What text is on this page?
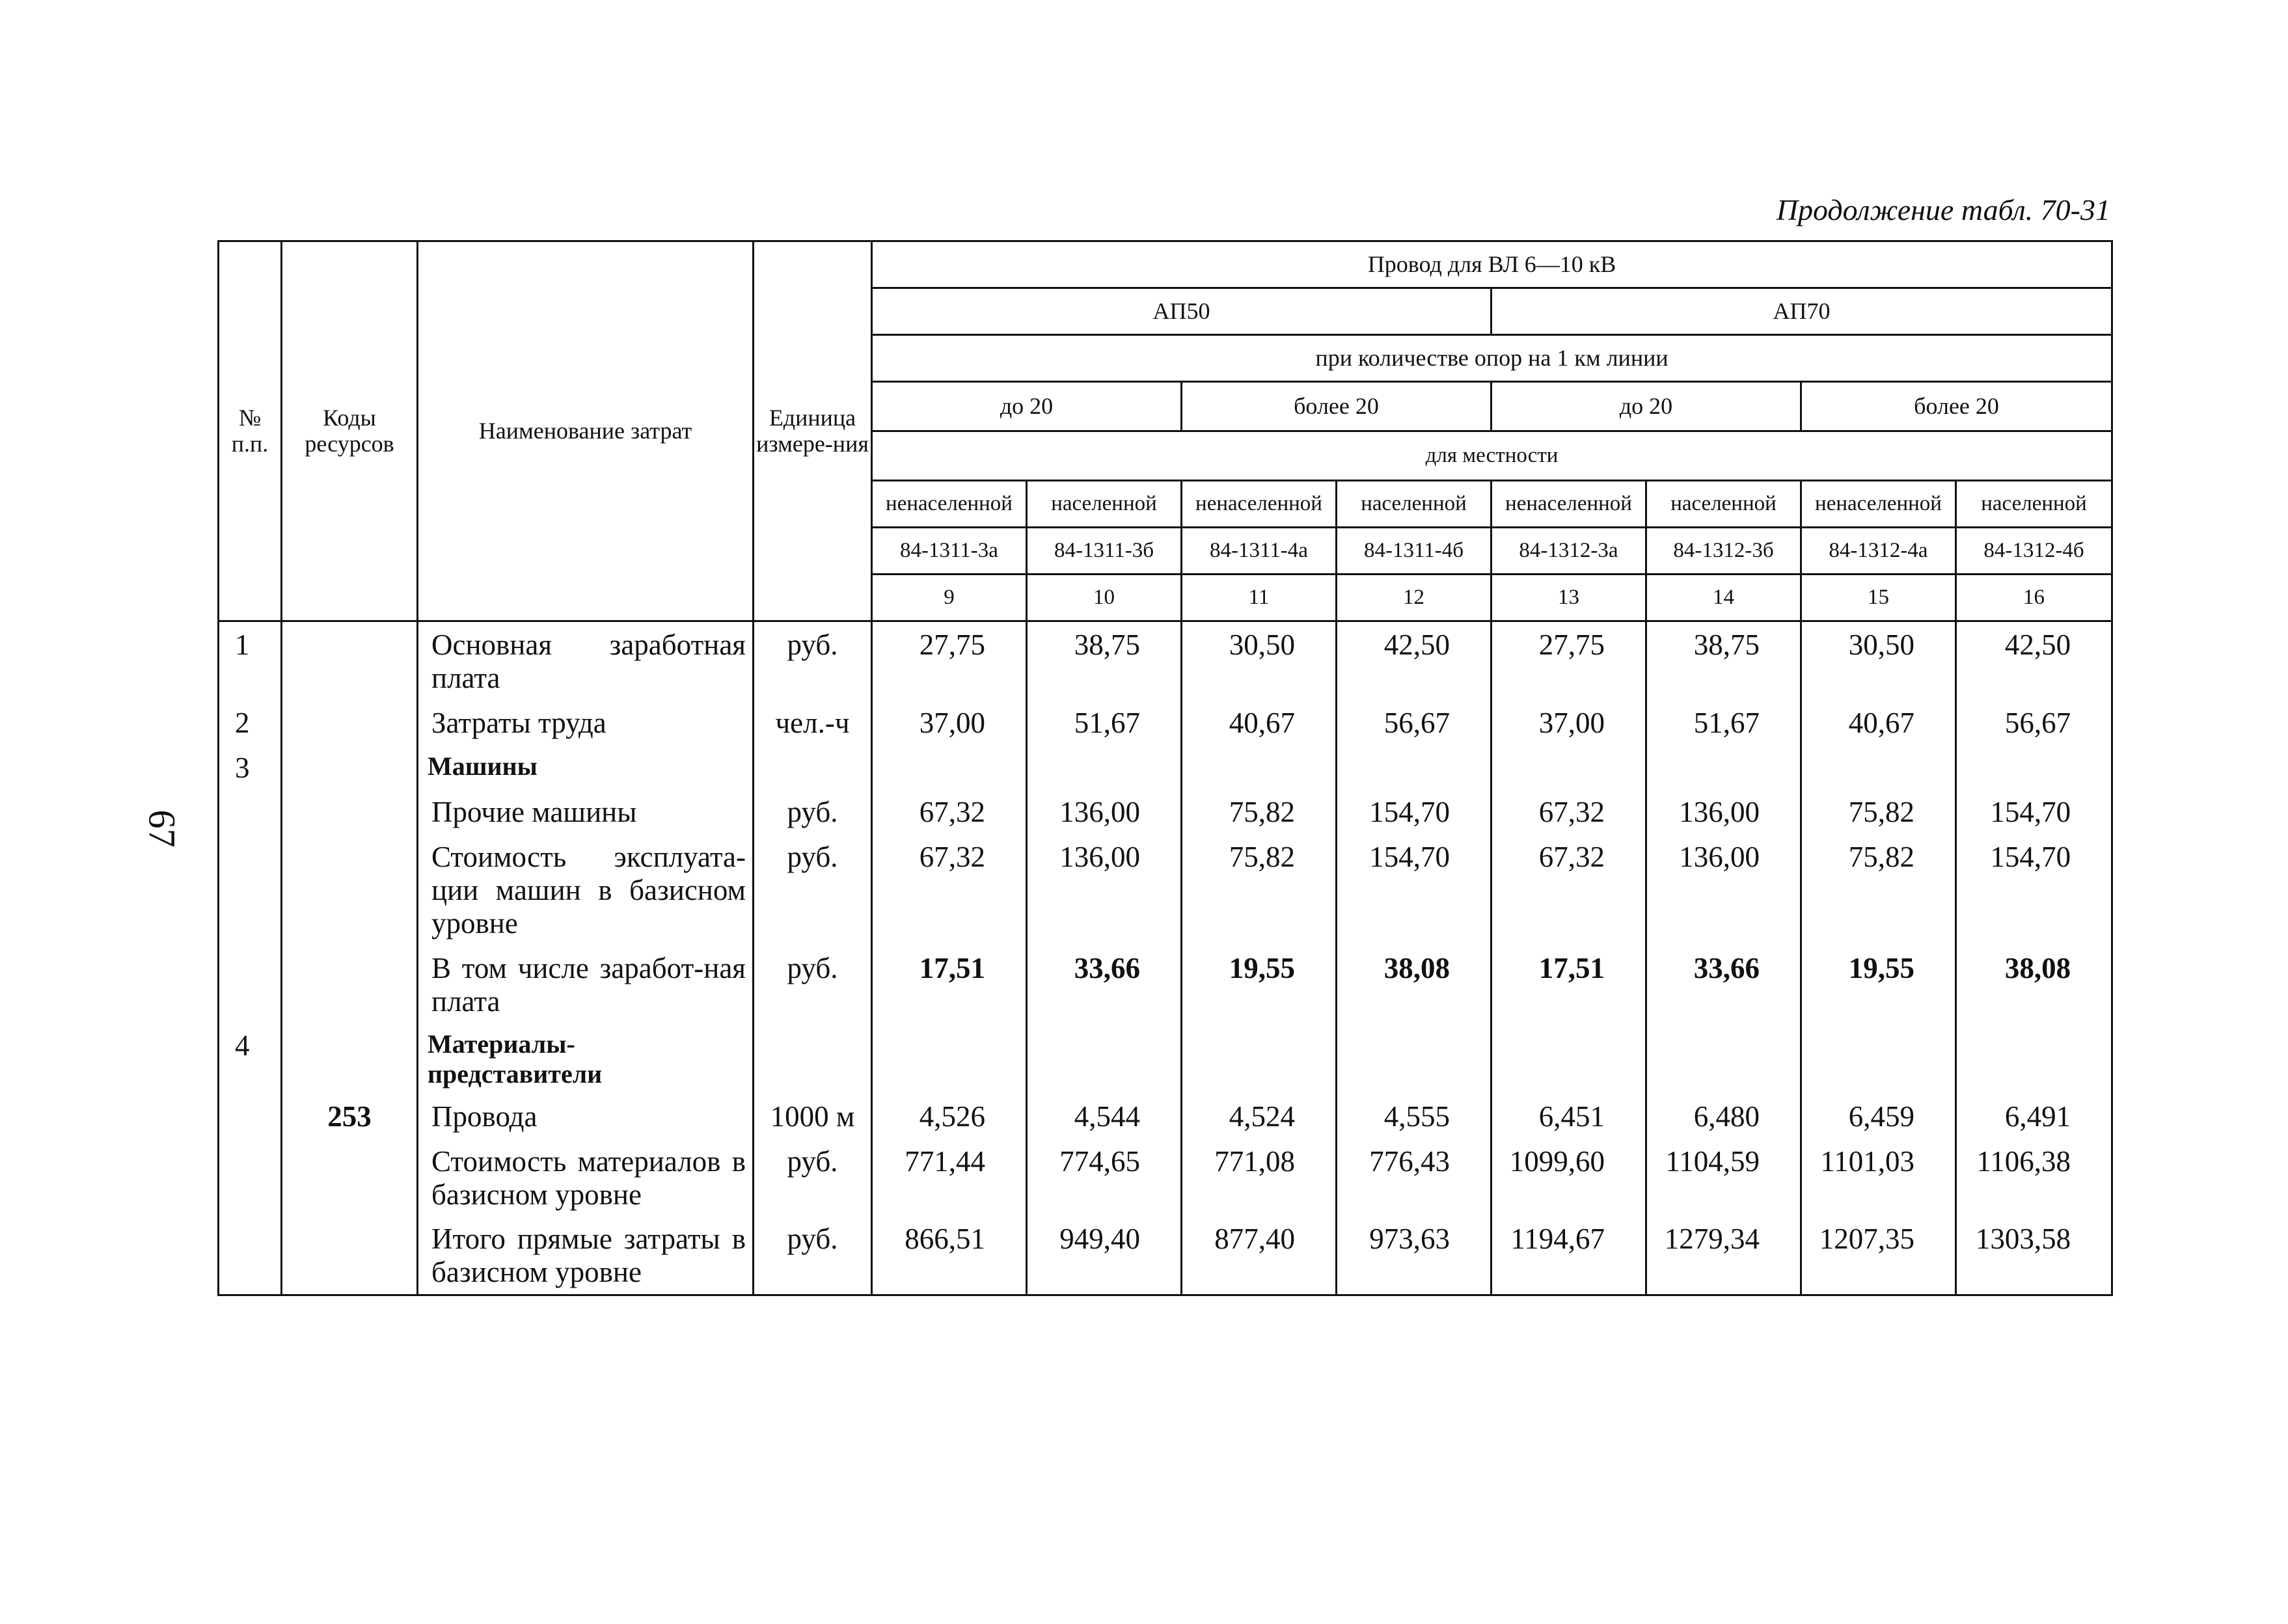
Продолжение табл. 70-31
67
№ п.п.	Коды ресурсов	Наименование затрат	Единица измере-ния	Провод для ВЛ 6—10 кВ							
				АП50				АП70			
				при количестве опор на 1 км линии							
				до 20		более 20		до 20		более 20	
				для местности							
				ненаселенной	населенной	ненаселенной	населенной	ненаселенной	населенной	ненаселенной	населенной
				84-1311-3а	84-1311-3б	84-1311-4а	84-1311-4б	84-1312-3а	84-1312-3б	84-1312-4а	84-1312-4б
				9	10	11	12	13	14	15	16
1		Основная заработная плата	руб.	27,75	38,75	30,50	42,50	27,75	38,75	30,50	42,50
2		Затраты труда	чел.-ч	37,00	51,67	40,67	56,67	37,00	51,67	40,67	56,67
3		Машины									
		Прочие машины	руб.	67,32	136,00	75,82	154,70	67,32	136,00	75,82	154,70
		Стоимость эксплуата-ции машин в базисном уровне	руб.	67,32	136,00	75,82	154,70	67,32	136,00	75,82	154,70
		В том числе заработ-ная плата	руб.	17,51	33,66	19,55	38,08	17,51	33,66	19,55	38,08
4		Материалы-представители									
	253	Провода	1000 м	4,526	4,544	4,524	4,555	6,451	6,480	6,459	6,491
		Стоимость материалов в базисном уровне	руб.	771,44	774,65	771,08	776,43	1099,60	1104,59	1101,03	1106,38
		Итого прямые затраты в базисном уровне	руб.	866,51	949,40	877,40	973,63	1194,67	1279,34	1207,35	1303,58
